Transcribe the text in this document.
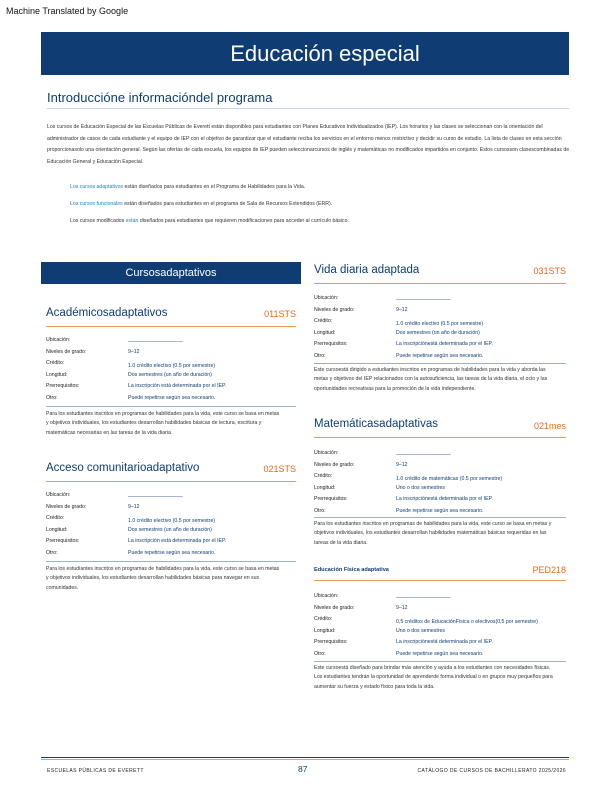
Machine Translated by Google
Educación especial
Introduccióne informacióndel programa
Los cursos de Educación Especial de las Escuelas Públicas de Everett están disponibles para estudiantes con Planes Educativos Individualizados (IEP). Los horarios y las clases se seleccionan con la orientación del administrador de casos de cada estudiante y el equipo de IEP con el objetivo de garantizar que el estudiante reciba los servicios en el entorno menos restrictivo y decidir su curso de estudio. La lista de clases en esta sección proporcionasolo una orientación general. Según las ofertas de cada escuela, los equipos de IEP pueden seleccionarcursos de inglés y matemáticas no modificados impartidos en conjunto. Estos cursosson clasescombinadas de Educación General y Educación Especial.
Los cursos adaptativos están diseñados para estudiantes en el Programa de Habilidades para la Vida.
Los cursos funcionales están diseñados para estudiantes en el programa de Sala de Recursos Extendidos (ERR).
Los cursos modificados están diseñados para estudiantes que requieren modificaciones para acceder al currículo básico.
Cursosadaptativos
Académicosadaptativos	011STS
Ubicación:	___________________
Niveles de grado:	9–12
Crédito:	1.0 crédito electivo (0.5 por semestre)
Longitud:	Dos semestres (un año de duración)
Prerrequisitos:	La inscripción está determinada por el IEP.
Otro:	Puede repetirse según sea necesario.
Para los estudiantes inscritos en programas de habilidades para la vida, este curso se basa en metas y objetivos individuales, los estudiantes desarrollan habilidades básicas de lectura, escritura y matemáticas necesarias en las tareas de la vida diaria.
Acceso comunitarioadaptativo	021STS
Ubicación:	___________________
Niveles de grado:	9–12
Crédito:	1.0 crédito electivo (0.5 por semestre)
Longitud:	Dos semestres (un año de duración)
Prerrequisitos:	La inscripción está determinada por el IEP.
Otro:	Puede repetirse según sea necesario.
Para los estudiantes inscritos en programas de habilidades para la vida, este curso se basa en metas y objetivos individuales, los estudiantes desarrollan habilidades básicas para navegar en sus comunidades.
Vida diaria adaptada	031STS
Ubicación:	___________________
Niveles de grado:	9–12
Crédito:	1.0 crédito electivo (0.5 por semestre)
Longitud:	Dos semestres (un año de duración)
Prerrequisitos:	La inscripciónestá determinada por el IEP.
Otro:	Puede repetirse según sea necesario.
Este cursoestá dirigido a estudiantes inscritos en programas de habilidades para la vida y aborda las metas y objetivos del IEP relacionados con la autosuficiencia, las tareas de la vida diaria, el ocio y las oportunidades recreativas para la promoción de la vida independiente.
Matemáticasadaptativas	021mes
Ubicación:	___________________
Niveles de grado:	9–12
Crédito:	1.0 crédito de matemáticas (0.5 por semestre)
Longitud:	Uno o dos semestres
Prerrequisitos:	La inscripciónestá determinada por el IEP.
Otro:	Puede repetirse según sea necesario.
Para los estudiantes inscritos en programas de habilidades para la vida, este curso se basa en metas y objetivos individuales, los estudiantes desarrollan habilidades matemáticas básicas requeridas en las tareas de la vida diaria.
Educación Física adaptativa	PED218
Ubicación:	___________________
Niveles de grado:	9–12
Crédito:	0,5 créditos de EducaciónFísica o electivos(0,5 por semestre)
Longitud:	Uno o dos semestres
Prerrequisitos:	La inscripciónestá determinada por el IEP.
Otro:	Puede repetirse según sea necesario.
Este cursoestá diseñado para brindar más atención y ayuda a los estudiantes con necesidades físicas. Los estudiantes tendrán la oportunidad de aprenderde forma individual o en grupos muy pequeños para aumentar su fuerza y estado físico para toda la vida.
ESCUELAS PÚBLICAS DE EVERETT	87	CATÁLOGO DE CURSOS DE BACHILLERATO 2025/2026
